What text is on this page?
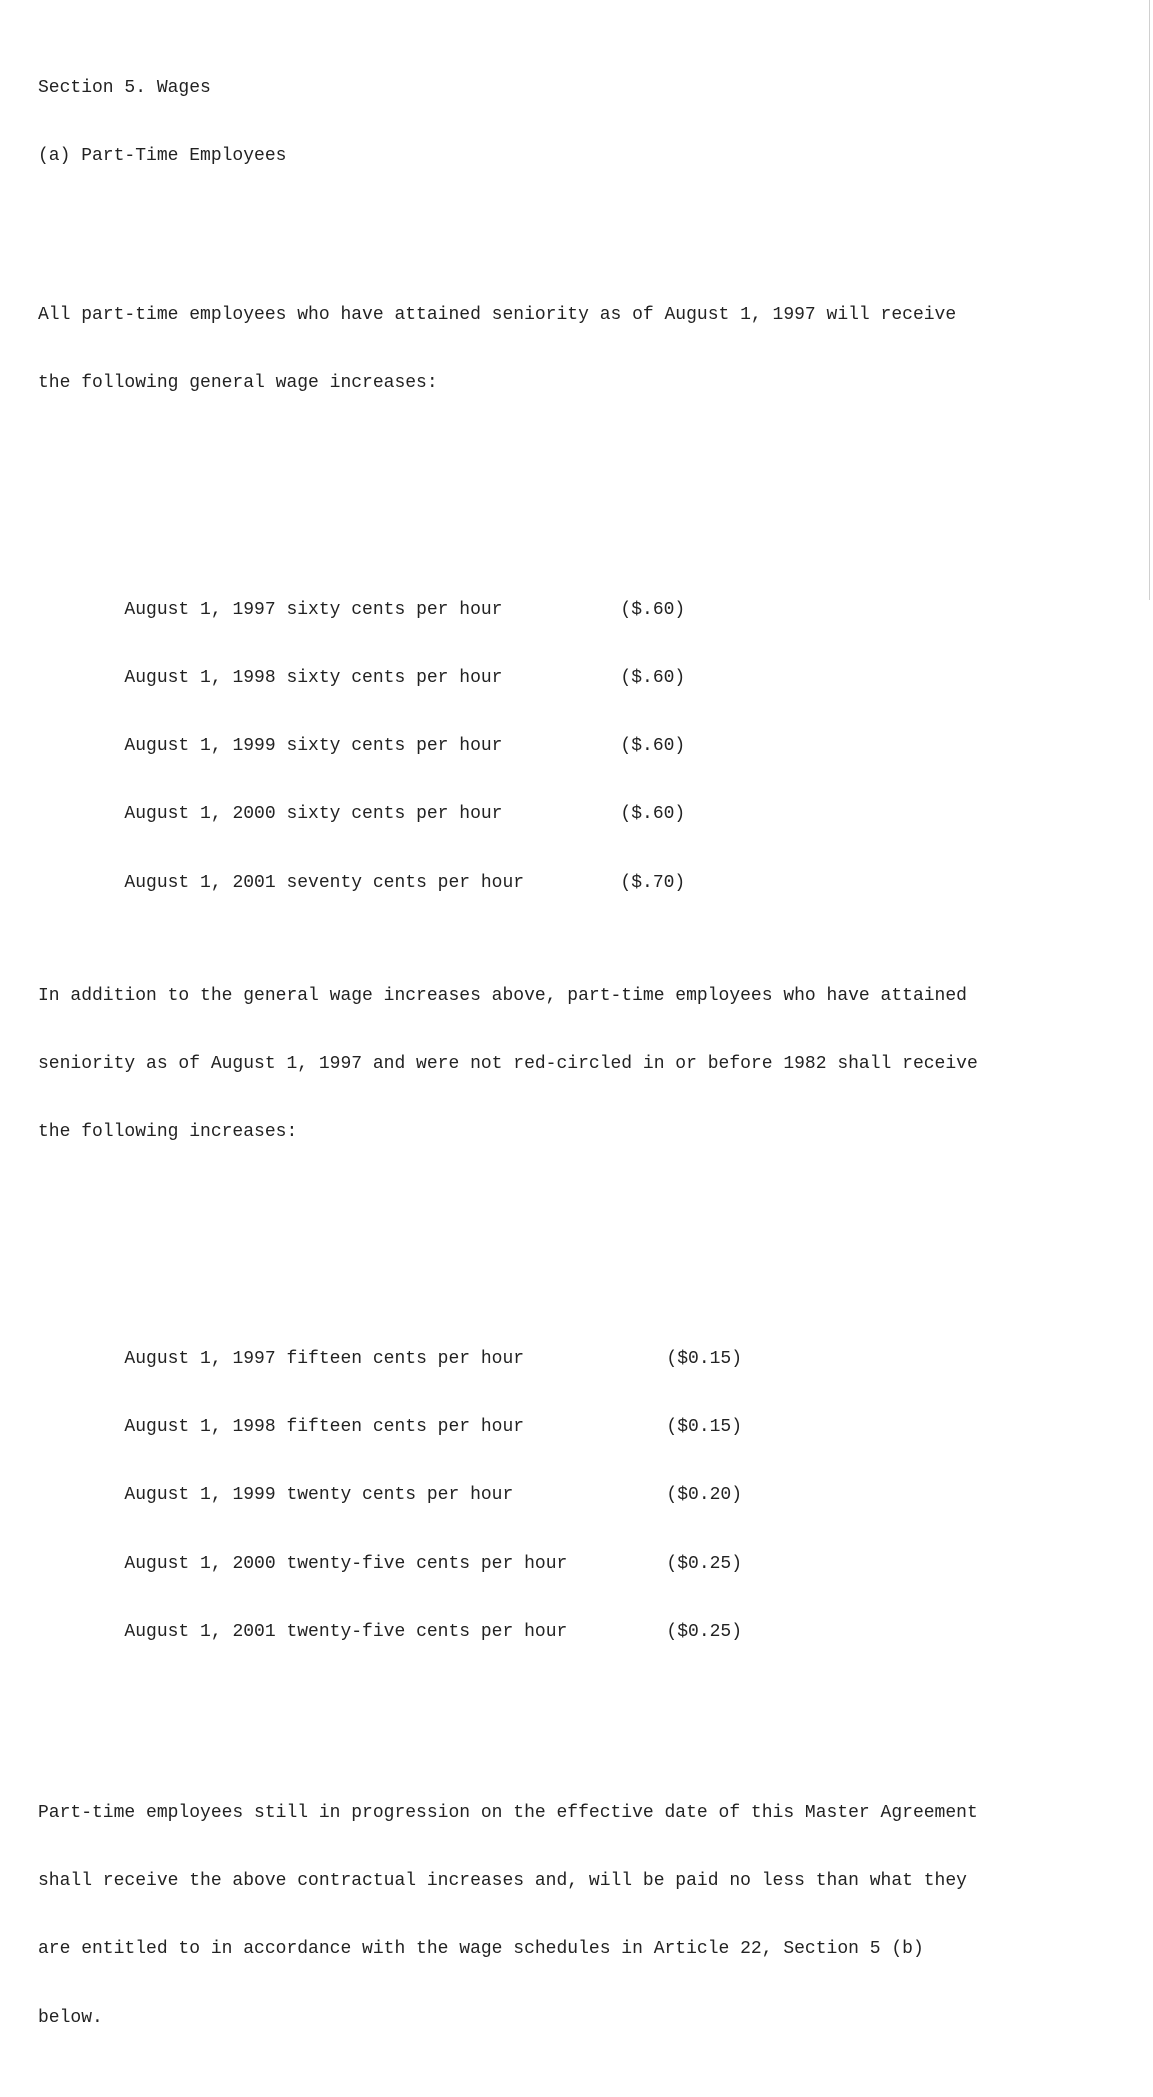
Section 5. Wages

(a) Part-Time Employees

All part-time employees who have attained seniority as of August 1, 1997 will receive

the following general wage increases:

August 1, 1997 sixty cents per hour	($.60)

August 1, 1998 sixty cents per hour	($.60)

August 1, 1999 sixty cents per hour	($.60)

August 1, 2000 sixty cents per hour	($.60)

August 1, 2001 seventy cents per hour	($.70)

In addition to the general wage increases above, part-time employees who have attained

seniority as of August 1, 1997 and were not red-circled in or before 1982 shall receive

the following increases:

August 1, 1997 fifteen cents per hour	($0.15)

August 1, 1998 fifteen cents per hour	($0.15)

August 1, 1999 twenty cents per hour	($0.20)

August 1, 2000 twenty-five cents per hour	($0.25)

August 1, 2001 twenty-five cents per hour	($0.25)

Part-time employees still in progression on the effective date of this Master Agreement

shall receive the above contractual increases and, will be paid no less than what they

are entitled to in accordance with the wage schedules in Article 22, Section 5 (b)

below.
